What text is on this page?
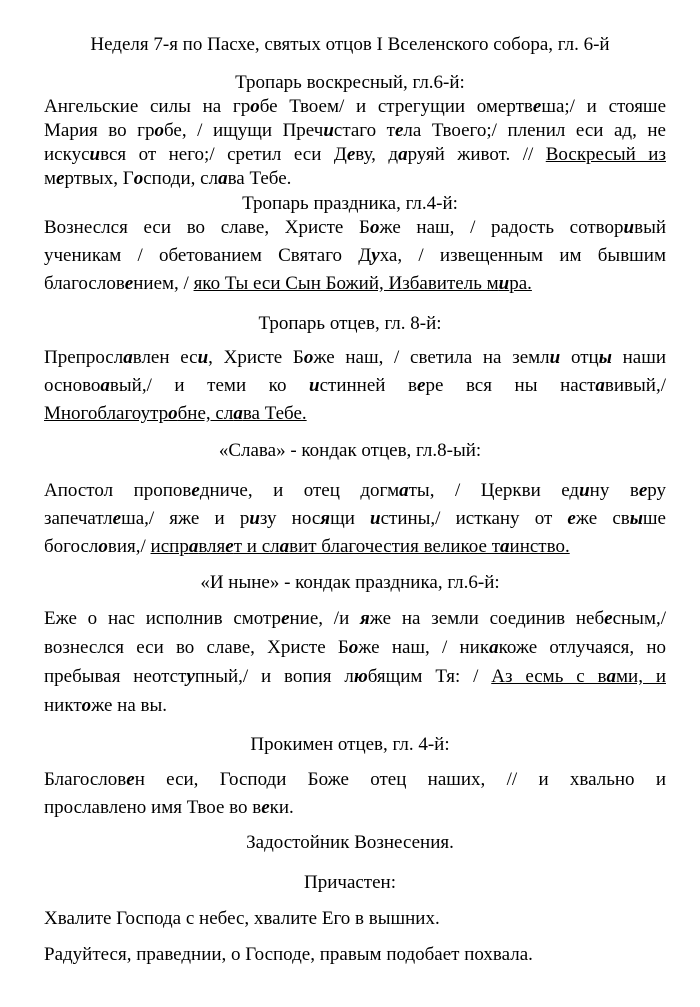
Неделя 7-я по Пасхе, святых отцов I Вселенского собора, гл. 6-й
Тропарь воскресный, гл.6-й:
Ангельские силы на гробе Твоем/ и стрегущии омертвеша;/ и стояше
Мария во гробе, / ищущи Пречистаго тела Твоего;/ пленил еси ад, не
искусився от него;/ сретил еси Деву, даруяй живот. // Воскресый из
мертвых, Господи, слава Тебе.
Тропарь праздника, гл.4-й:
Вознеслся еси во славе, Христе Боже наш, / радость сотворивый
ученикам / обетованием Святаго Духа, / извещенным им бывшим
благословением, / яко Ты еси Сын Божий, Избавитель мира.
Тропарь отцев, гл. 8-й:
Препрославлен еси, Христе Боже наш, / светила на земли отцы наши
основоавый,/ и теми ко истинней вере вся ны наставивый,/
Многоблагоутробне, слава Тебе.
«Слава» - кондак отцев, гл.8-ый:
Апостол проповедниче, и отец догматы, / Церкви едину веру
запечатлеша,/ яже и ризу носящи истины,/ исткану от еже свыше
богословия,/ исправляет и славит благочестия великое таинство.
«И ныне» - кондак праздника, гл.6-й:
Еже о нас исполнив смотрение, /и яже на земли соединив небесным,/
вознеслся еси во славе, Христе Боже наш, / никакоже отлучаяся, но
пребывая неотступный,/ и вопия любящим Тя: / Аз есмь с вами, и
никтоже на вы.
Прокимен отцев, гл. 4-й:
Благословен еси, Господи Боже отец наших, // и хвально и
прославлено имя Твое во веки.
Задостойник Вознесения.
Причастен:
Хвалите Господа с небес, хвалите Его в вышних.
Радуйтеся, праведнии, о Господе, правым подобает похвала.
